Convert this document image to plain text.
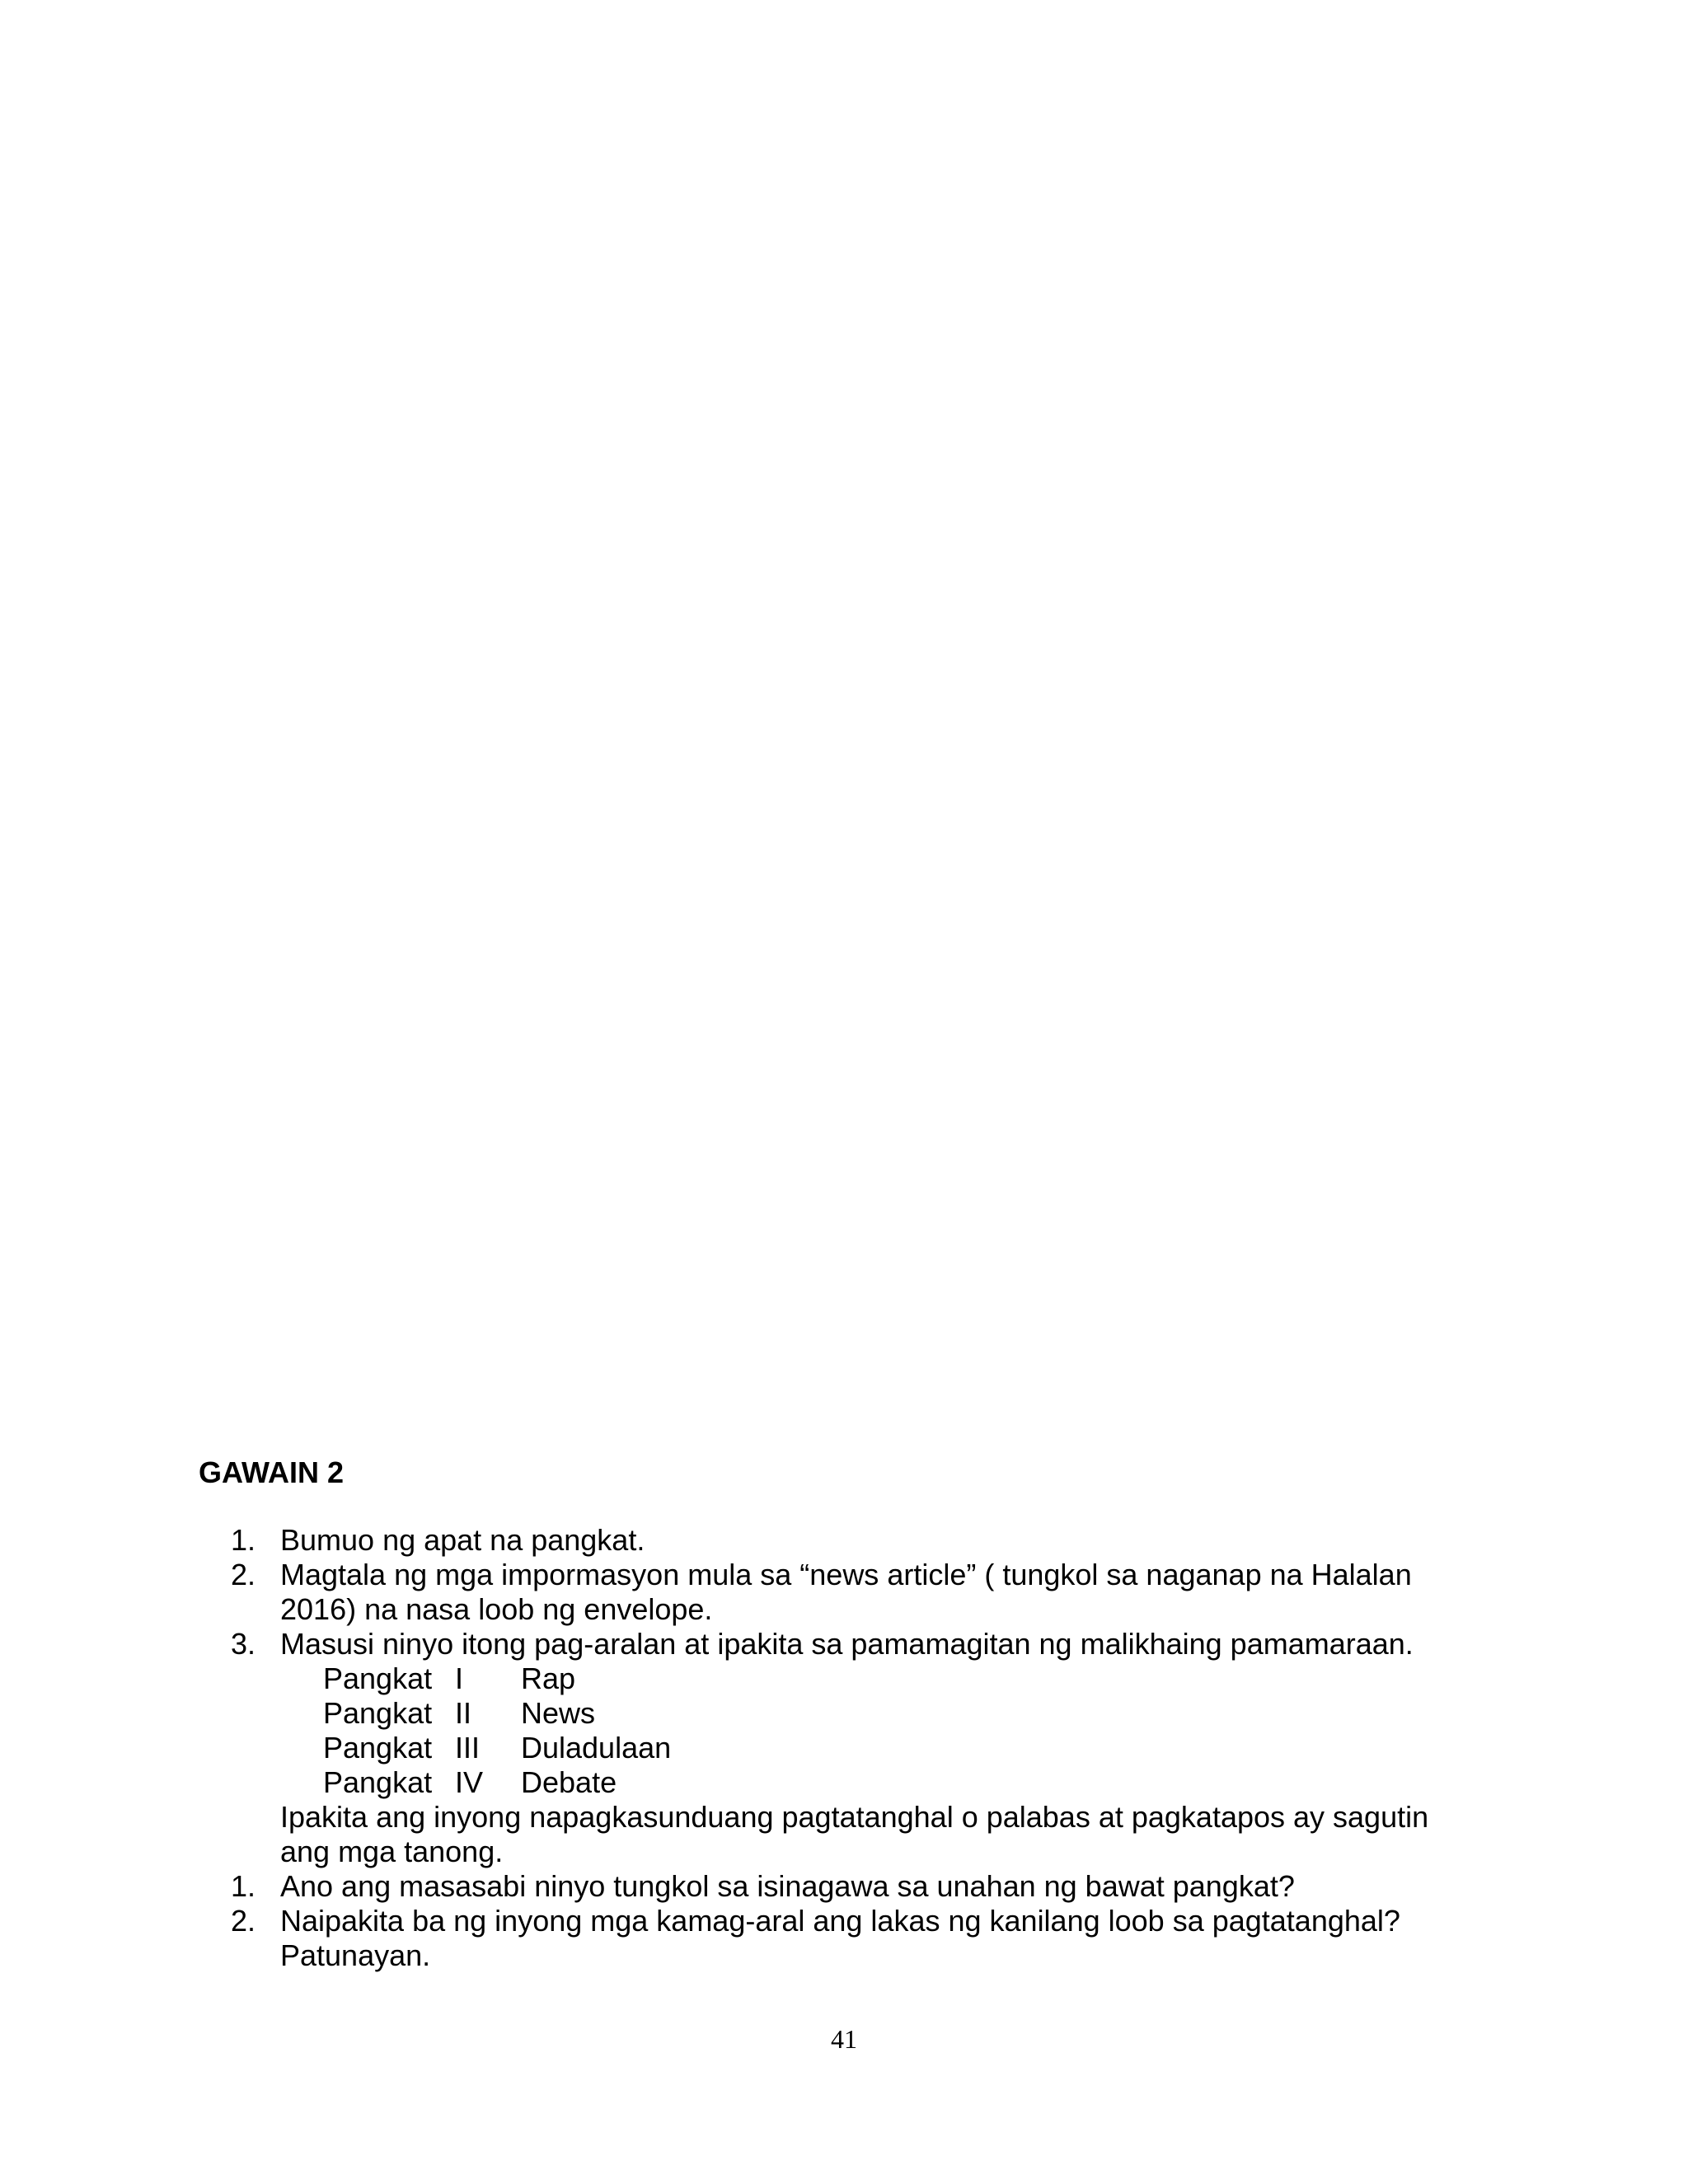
GAWAIN 2
1. Bumuo ng apat na pangkat.
2. Magtala ng mga impormasyon mula sa “news article” ( tungkol sa naganap na Halalan 2016) na nasa loob ng envelope.
3. Masusi ninyo itong pag-aralan at ipakita sa pamamagitan ng malikhaing pamamaraan.
Pangkat I	Rap
Pangkat II	News
Pangkat III	Duladulaan
Pangkat IV	Debate
Ipakita ang inyong napagkasunduang pagtatanghal o palabas at pagkatapos ay sagutin ang mga tanong.
1. Ano ang masasabi ninyo tungkol sa isinagawa sa unahan ng bawat pangkat?
2. Naipakita ba ng inyong mga kamag-aral ang lakas ng kanilang loob sa pagtatanghal? Patunayan.
41
